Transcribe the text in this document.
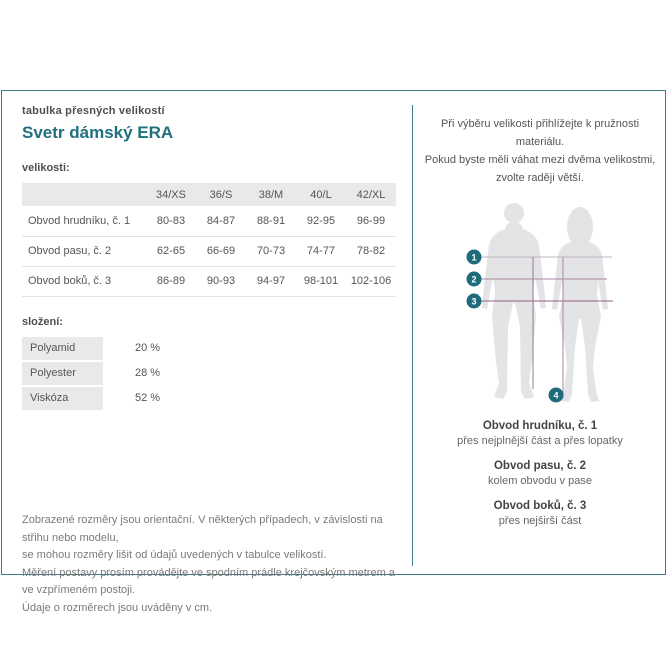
tabulka přesných velikostí
Svetr dámský ERA
velikosti:
	34/XS	36/S	38/M	40/L	42/XL
Obvod hrudníku, č. 1	80-83	84-87	88-91	92-95	96-99
Obvod pasu, č. 2	62-65	66-69	70-73	74-77	78-82
Obvod boků, č. 3	86-89	90-93	94-97	98-101	102-106
složení:
Polyamid	20 %
Polyester	28 %
Viskóza	52 %
Zobrazené rozměry jsou orientační. V některých případech, v závislosti na střihu nebo modelu,
se mohou rozměry lišit od údajů uvedených v tabulce velikostí.
Měření postavy prosím provádějte ve spodním prádle krejčovským metrem a ve vzpřímeném postoji.
Údaje o rozměrech jsou uváděny v cm.
Při výběru velikosti přihlížejte k pružnosti materiálu.
Pokud byste měli váhat mezi dvěma velikostmi,
zvolte raději větší.
1
2
3
4
Obvod hrudníku, č. 1
přes nejplnější část a přes lopatky
Obvod pasu, č. 2
kolem obvodu v pase
Obvod boků, č. 3
přes nejširší část
